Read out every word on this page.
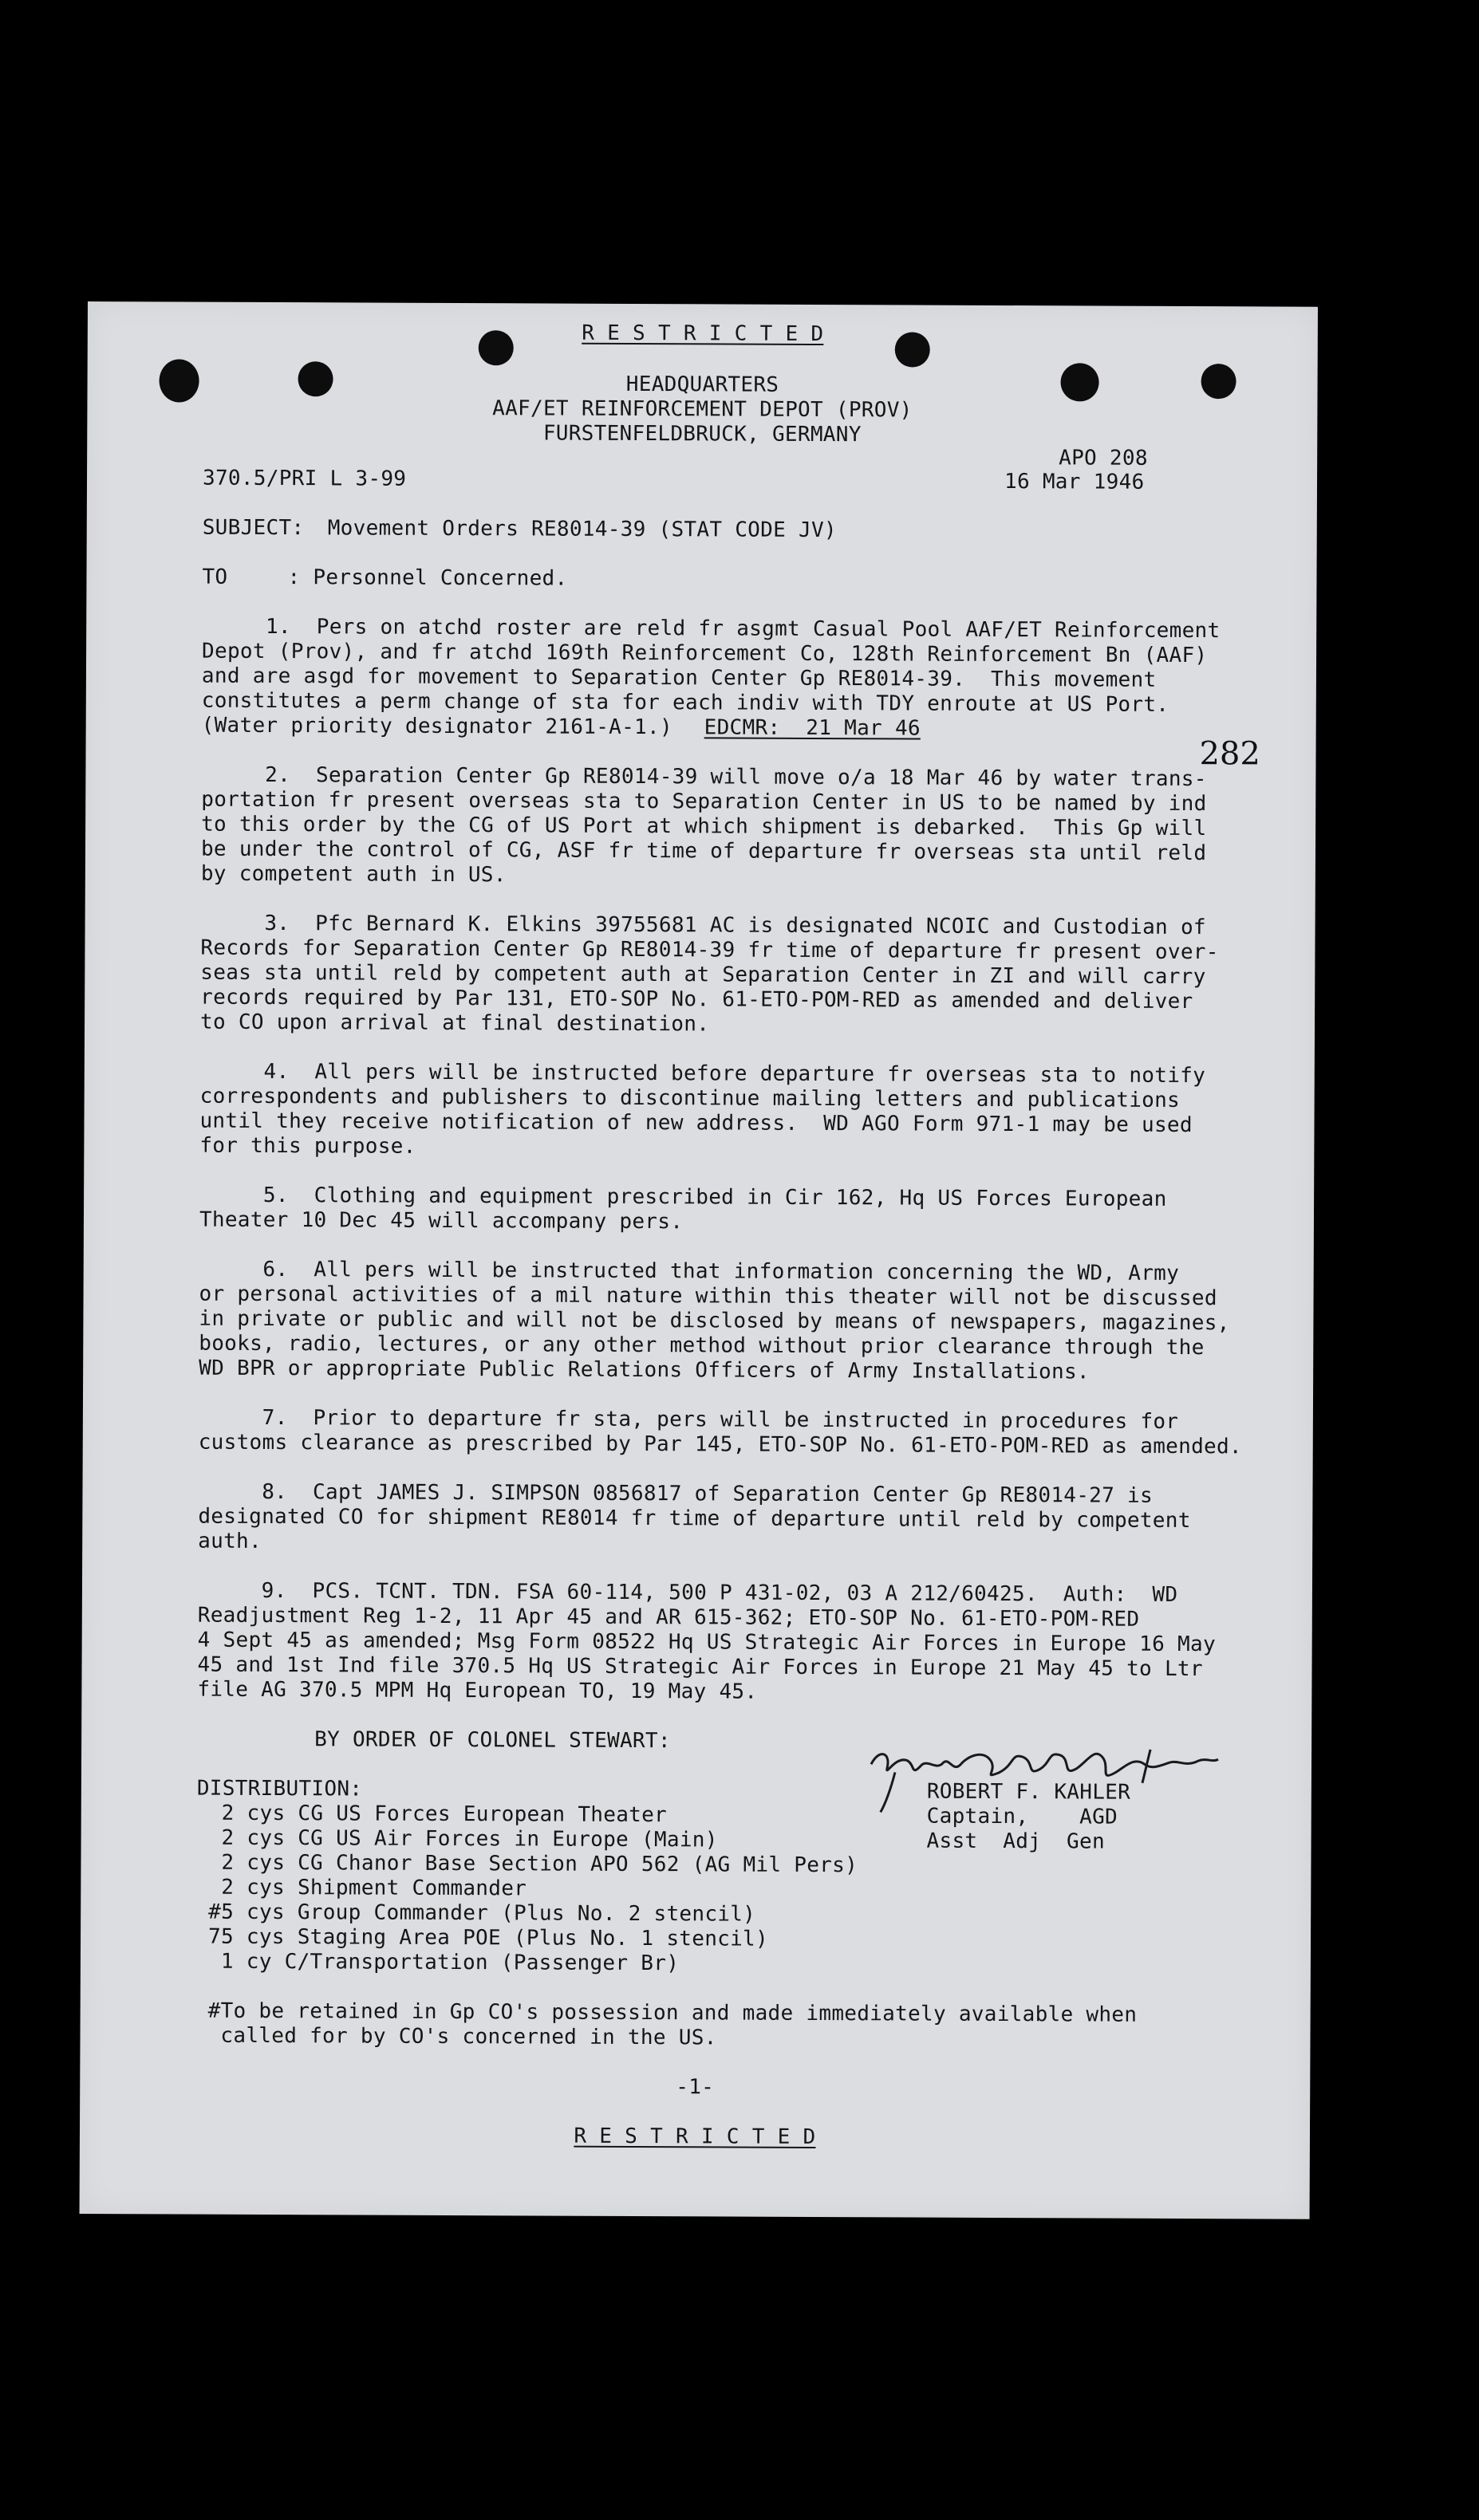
R E S T R I C T E D
HEADQUARTERS
AAF/ET REINFORCEMENT DEPOT (PROV)
FURSTENFELDBRUCK, GERMANY
APO 208
370.5/PRI L 3-99	16 Mar 1946
SUBJECT: Movement Orders RE8014-39 (STAT CODE JV)
TO	: Personnel Concerned.
282
1.  Pers on atchd roster are reld fr asgmt Casual Pool AAF/ET Reinforcement
Depot (Prov), and fr atchd 169th Reinforcement Co, 128th Reinforcement Bn (AAF)
and are asgd for movement to Separation Center Gp RE8014-39.  This movement
constitutes a perm change of sta for each indiv with TDY enroute at US Port.
(Water priority designator 2161-A-1.) EDCMR:  21 Mar 46
2.  Separation Center Gp RE8014-39 will move o/a 18 Mar 46 by water trans-
portation fr present overseas sta to Separation Center in US to be named by ind
to this order by the CG of US Port at which shipment is debarked.  This Gp will
be under the control of CG, ASF fr time of departure fr overseas sta until reld
by competent auth in US.
3.  Pfc Bernard K. Elkins 39755681 AC is designated NCOIC and Custodian of
Records for Separation Center Gp RE8014-39 fr time of departure fr present over-
seas sta until reld by competent auth at Separation Center in ZI and will carry
records required by Par 131, ETO-SOP No. 61-ETO-POM-RED as amended and deliver
to CO upon arrival at final destination.
4.  All pers will be instructed before departure fr overseas sta to notify
correspondents and publishers to discontinue mailing letters and publications
until they receive notification of new address.  WD AGO Form 971-1 may be used
for this purpose.
5.  Clothing and equipment prescribed in Cir 162, Hq US Forces European
Theater 10 Dec 45 will accompany pers.
6.  All pers will be instructed that information concerning the WD, Army
or personal activities of a mil nature within this theater will not be discussed
in private or public and will not be disclosed by means of newspapers, magazines,
books, radio, lectures, or any other method without prior clearance through the
WD BPR or appropriate Public Relations Officers of Army Installations.
7.  Prior to departure fr sta, pers will be instructed in procedures for
customs clearance as prescribed by Par 145, ETO-SOP No. 61-ETO-POM-RED as amended.
8.  Capt JAMES J. SIMPSON 0856817 of Separation Center Gp RE8014-27 is
designated CO for shipment RE8014 fr time of departure until reld by competent
auth.
9.  PCS. TCNT. TDN. FSA 60-114, 500 P 431-02, 03 A 212/60425.  Auth:  WD
Readjustment Reg 1-2, 11 Apr 45 and AR 615-362; ETO-SOP No. 61-ETO-POM-RED
4 Sept 45 as amended; Msg Form 08522 Hq US Strategic Air Forces in Europe 16 May
45 and 1st Ind file 370.5 Hq US Strategic Air Forces in Europe 21 May 45 to Ltr
file AG 370.5 MPM Hq European TO, 19 May 45.
BY ORDER OF COLONEL STEWART:
ROBERT F. KAHLER
Captain,    AGD
Asst  Adj  Gen
DISTRIBUTION:
2 cys CG US Forces European Theater
2 cys CG US Air Forces in Europe (Main)
2 cys CG Chanor Base Section APO 562 (AG Mil Pers)
2 cys Shipment Commander
#5 cys Group Commander (Plus No. 2 stencil)
75 cys Staging Area POE (Plus No. 1 stencil)
1 cy C/Transportation (Passenger Br)
#To be retained in Gp CO's possession and made immediately available when
called for by CO's concerned in the US.
-1-
R E S T R I C T E D
